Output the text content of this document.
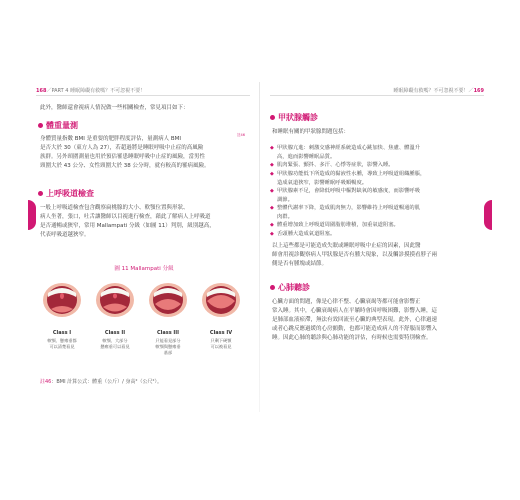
168／PART 4 睡眠障礙有救嗎？不可忽視不要！
此外，醫師還會視病人情況做一些相關檢查，常見項目如下：
體重量測
身體質量指數 BMI 是重要的肥胖程度評估，量測病人 BMI
是否大於 30（東方人為 27），若超過將是睡眠呼吸中止症的高風險
族群。另外頸圍測量也用於預估罹患睡眠呼吸中止症的風險，當男性
頸圍大於 43 公分、女性頸圍大於 38 公分時，就有較高的罹病風險。
註46
上呼吸道檢查
一般上呼吸道檢查包含觀察扁桃腺的大小、軟顎位置與形狀、
病人坐著，張口，吐舌讓醫師以目視進行檢查，藉此了解病人上呼吸道
是否通暢或狹窄，常用 Mallampati 分級（如圖 11）判別，級別越高，
代表呼吸道越狹窄。
圖 11 Mallampati 分級
Class I	Class II	Class III	Class IV
軟顎、懸雍垂都
可以清楚看見
軟顎、大部分
懸雍垂可以看見
只能看見部分
軟顎與懸雍垂
基部
只剩下硬顎
可以被看見
註46：BMI 計算公式：體重（公斤）/ 身高²（公尺²）。
睡眠障礙有救嗎？不可忽視不要！／169
甲狀腺觸診
和睡眠有關的甲狀腺問題包括：
◆ 甲狀腺亢進：刺激交感神經系統造成心跳加快、焦慮、體溫升
高，進而影響睡眠品質。
◆ 肌肉緊張、顫抖、多汗、心悸等症狀，影響入睡。
◆ 甲狀腺功能低下所造成的黏液性水腫，導致上呼吸道組織腫脹，
造成氣道狹窄，影響睡眠呼吸順暢度。
◆ 甲狀腺素不足，會降低呼吸中樞對缺氧的敏感度，而影響呼吸
調節。
◆ 整體代謝率下降，造成肌肉無力，影響維持上呼吸道暢通的肌
肉群。
◆ 體重增加致上呼吸道周圍脂肪堆積，加重氣道阻塞。
◆ 舌頭腫大造成氣道阻塞。
以上這些都是可能造成失眠或睡眠呼吸中止症的因素，因此醫
師會用視診觀察病人甲狀腺是否有腫大現象，以及觸診摸摸看脖子兩
側是否有腫塊或結節。
心肺聽診
心臟方面的問題，像是心律不整、心臟衰竭等都可能會影響正
常入睡。其中，心臟衰竭病人在平躺時會因呼吸困難，影響入睡，這
是肺部血液瘀滯，無法有效回流至心臟的典型表現。此外，心律過速
或者心跳反應過緩的心房顫動，也都可能造成病人的不舒服而影響入
睡。因此心肺的聽診與心肺功能的評估，有時候也需要特別檢查。
